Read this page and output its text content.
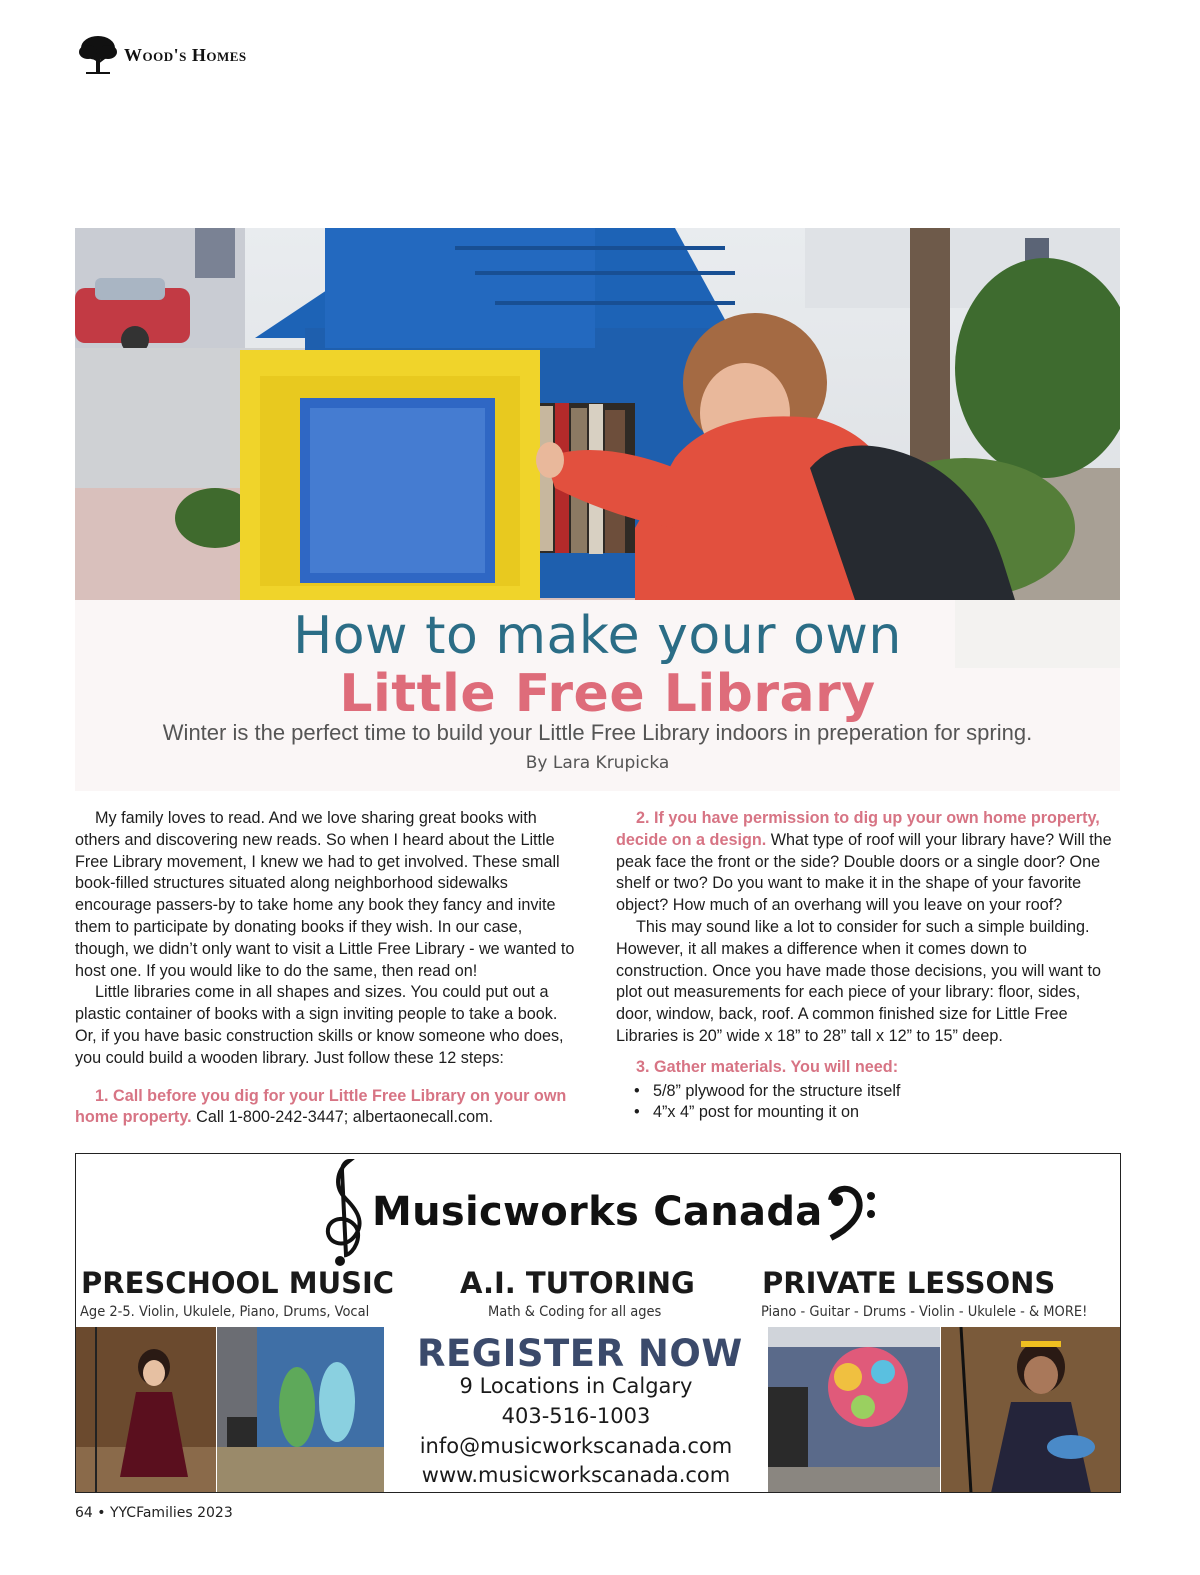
Wood's Homes
How to make your own
Little Free Library
Winter is the perfect time to build your Little Free Library indoors in preperation for spring.
By Lara Krupicka

My family loves to read. And we love sharing great books with others and discovering new reads. So when I heard about the Little Free Library movement, I knew we had to get involved. These small book-filled structures situated along neighborhood sidewalks encourage passers-by to take home any book they fancy and invite them to participate by donating books if they wish. In our case, though, we didn’t only want to visit a Little Free Library - we wanted to host one. If you would like to do the same, then read on!

Little libraries come in all shapes and sizes. You could put out a plastic container of books with a sign inviting people to take a book. Or, if you have basic construction skills or know someone who does, you could build a wooden library. Just follow these 12 steps:

1. Call before you dig for your Little Free Library on your own home property. Call 1-800-242-3447; albertaonecall.com.

2. If you have permission to dig up your own home property, decide on a design. What type of roof will your library have? Will the peak face the front or the side? Double doors or a single door? One shelf or two? Do you want to make it in the shape of your favorite object? How much of an overhang will you leave on your roof?

This may sound like a lot to consider for such a simple building. However, it all makes a difference when it comes down to construction. Once you have made those decisions, you will want to plot out measurements for each piece of your library: floor, sides, door, window, back, roof. A common finished size for Little Free Libraries is 20” wide x 18” to 28” tall x 12” to 15” deep.

3. Gather materials. You will need:

• 5/8” plywood for the structure itself
• 4”x 4” post for mounting it on
Musicworks Canada
PRESCHOOL MUSIC
Age 2-5. Violin, Ukulele, Piano, Drums, Vocal
A.I. TUTORING
Math & Coding for all ages
PRIVATE LESSONS
Piano - Guitar - Drums - Violin - Ukulele - & MORE!
REGISTER NOW
9 Locations in Calgary
403-516-1003
info@musicworkscanada.com
www.musicworkscanada.com
64 • YYCFamilies 2023
